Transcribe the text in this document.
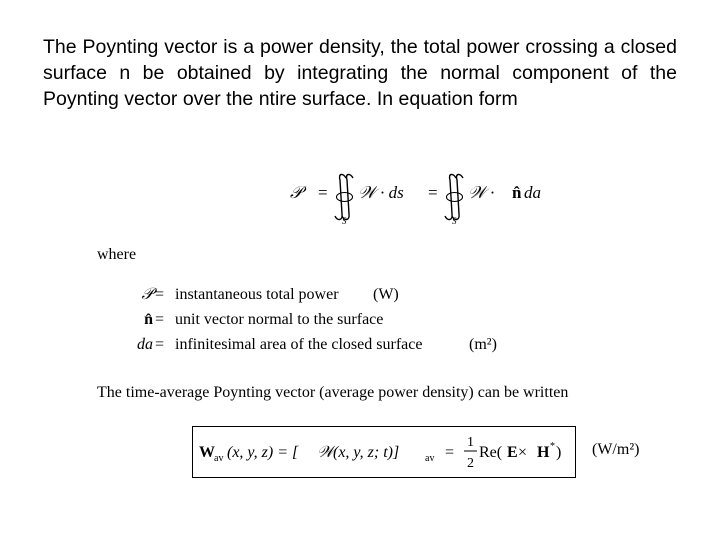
The Poynting vector is a power density, the total power crossing a closed surface n be obtained by integrating the normal component of the Poynting vector over the ntire surface. In equation form

𝒫 =
S
𝒲 · ds =
S
𝒲 · n̂ da

where

𝒫 = instantaneous total power (W)
n̂ = unit vector normal to the surface
da = infinitesimal area of the closed surface	(m²)

The time-average Poynting vector (average power density) can be written

W av (x, y, z) = [ 𝒲 (x, y, z; t)]	av =
1
2
Re( E × H * ) (W/m²)
